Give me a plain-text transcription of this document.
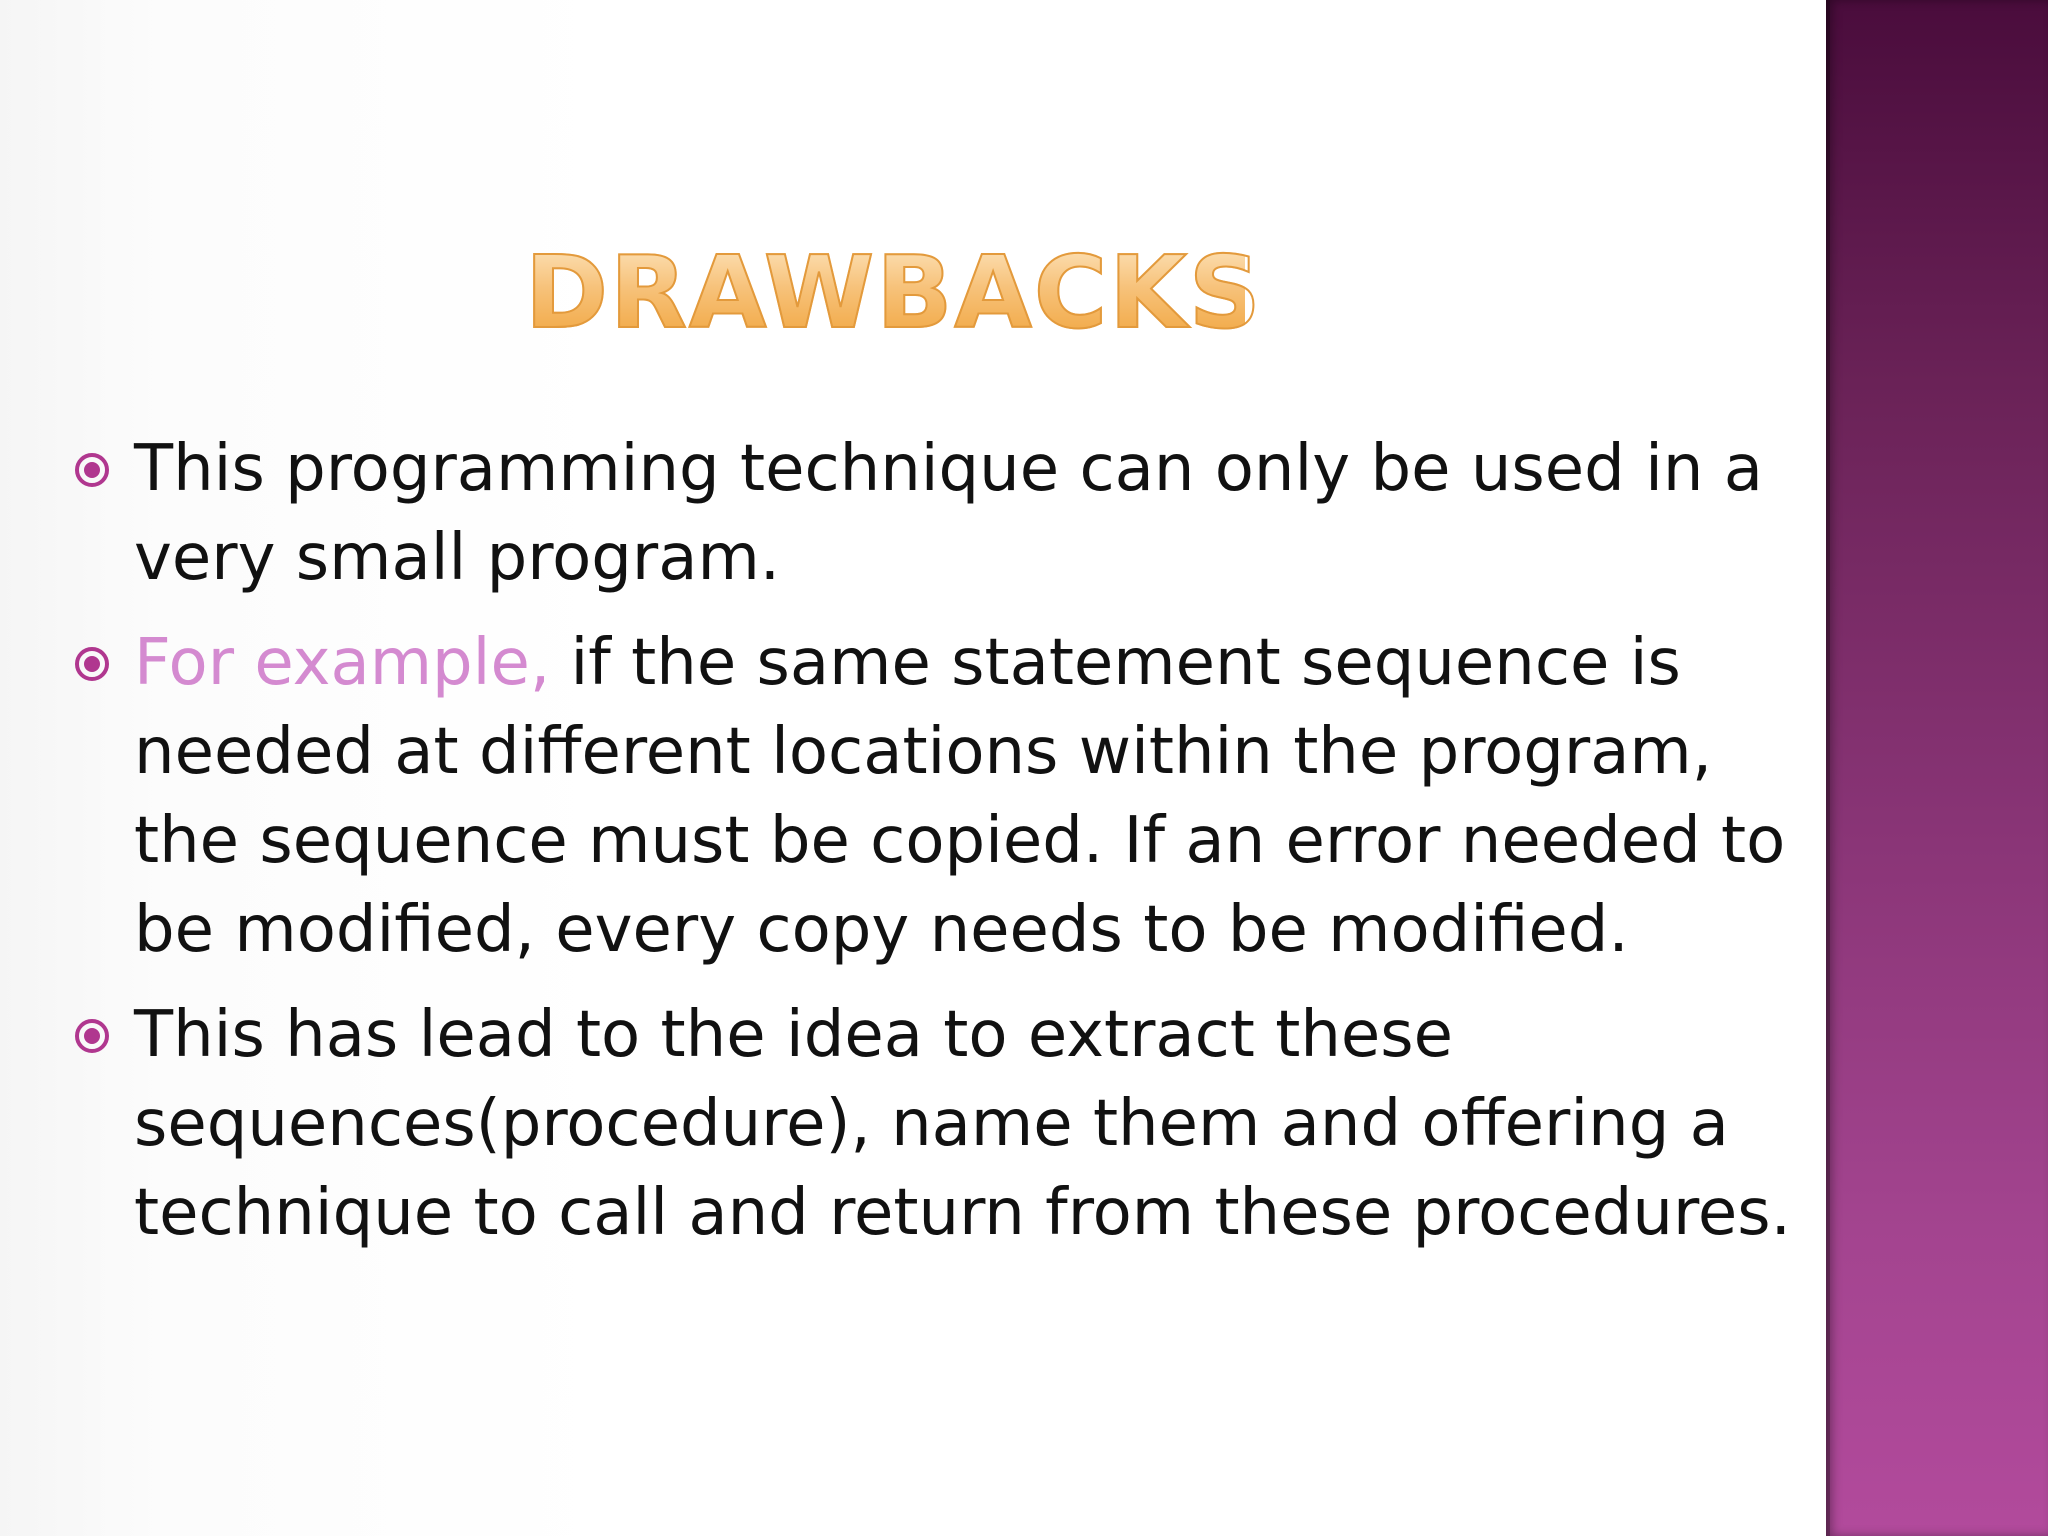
DRAWBACKS

This programming technique can only be used in a very small program.

For example, if the same statement sequence is needed at different locations within the program, the sequence must be copied. If an error needed to be modified, every copy needs to be modified.

This has lead to the idea to extract these sequences(procedure), name them and offering a technique to call and return from these procedures.
